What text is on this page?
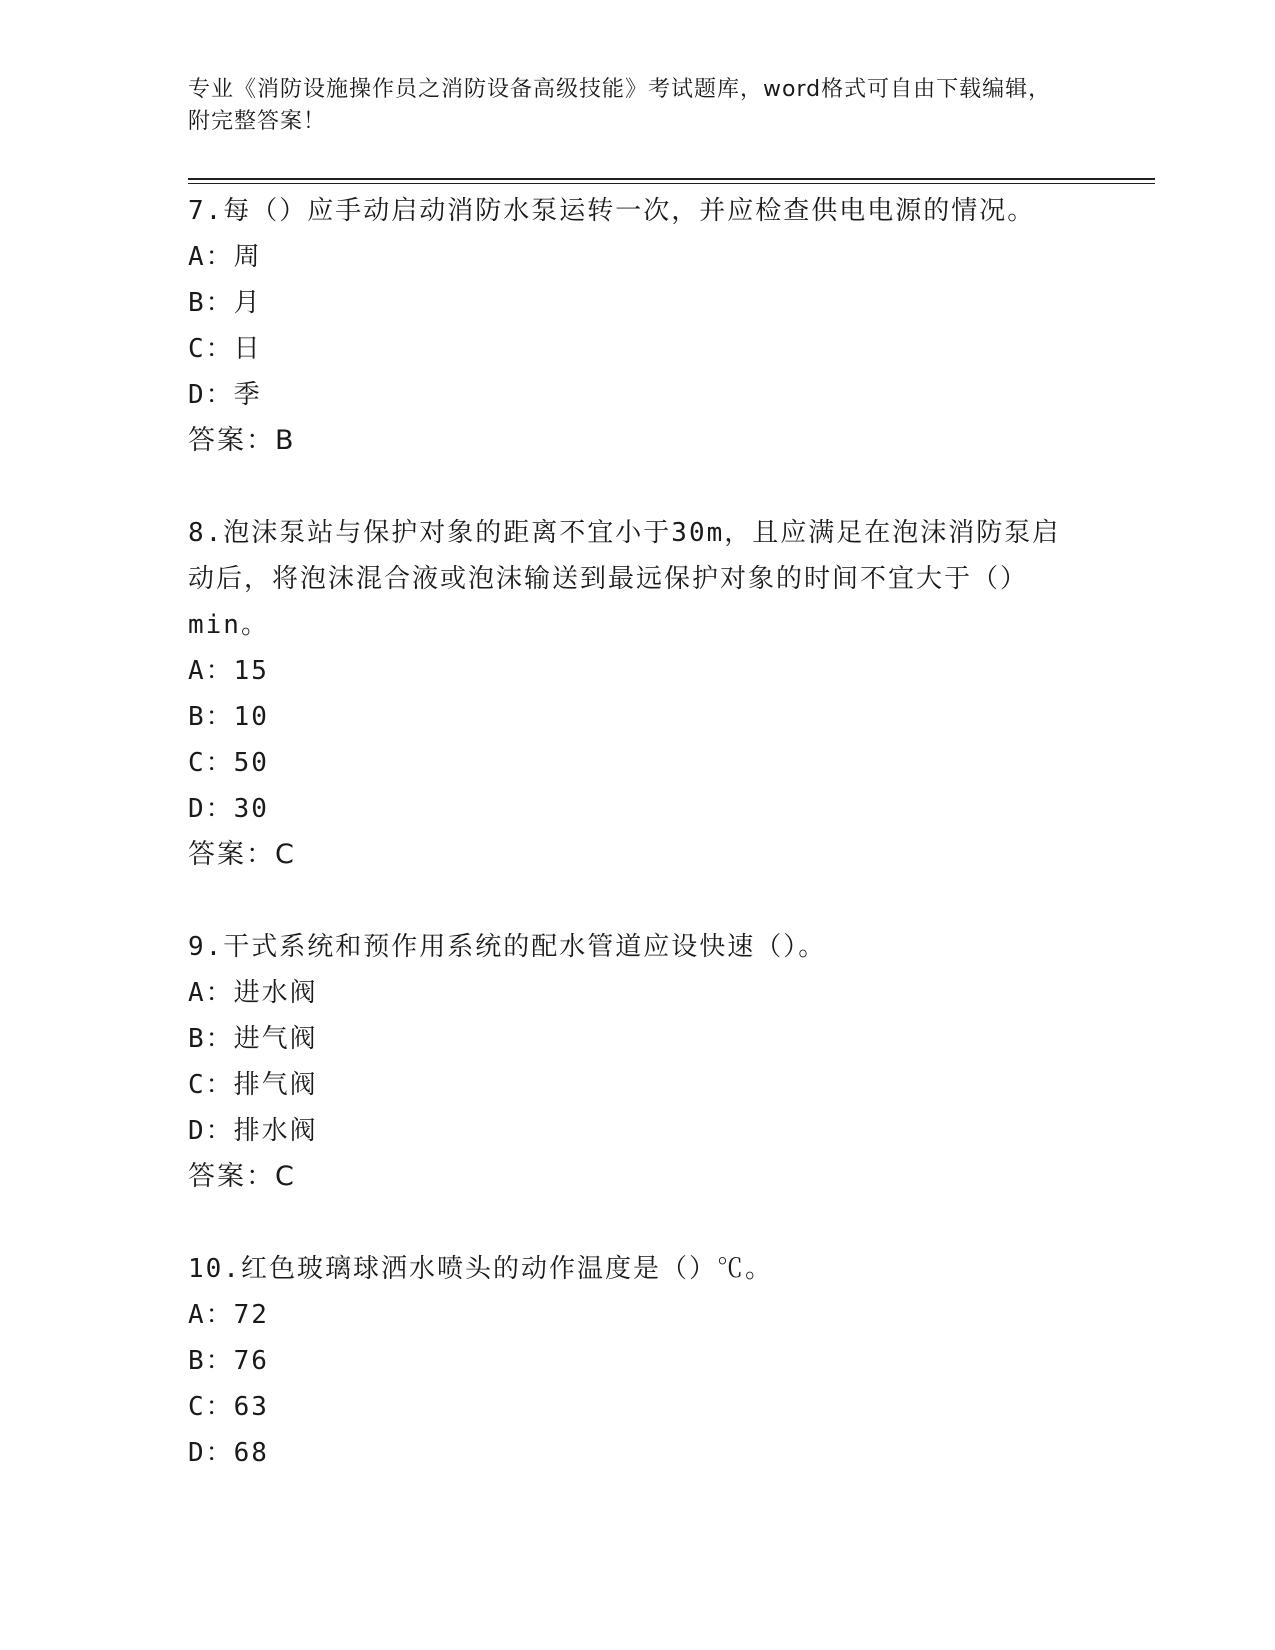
专业《消防设施操作员之消防设备高级技能》考试题库，word格式可自由下载编辑，附完整答案！

7.每（）应手动启动消防水泵运转一次，并应检查供电电源的情况。

A：周

B：月

C：日

D：季

答案：B

8.泡沫泵站与保护对象的距离不宜小于30m，且应满足在泡沫消防泵启动后，将泡沫混合液或泡沫输送到最远保护对象的时间不宜大于（）min。

A：15

B：10

C：50

D：30

答案：C

9.干式系统和预作用系统的配水管道应设快速（）。

A：进水阀

B：进气阀

C：排气阀

D：排水阀

答案：C

10.红色玻璃球洒水喷头的动作温度是（）℃。

A：72

B：76

C：63

D：68
